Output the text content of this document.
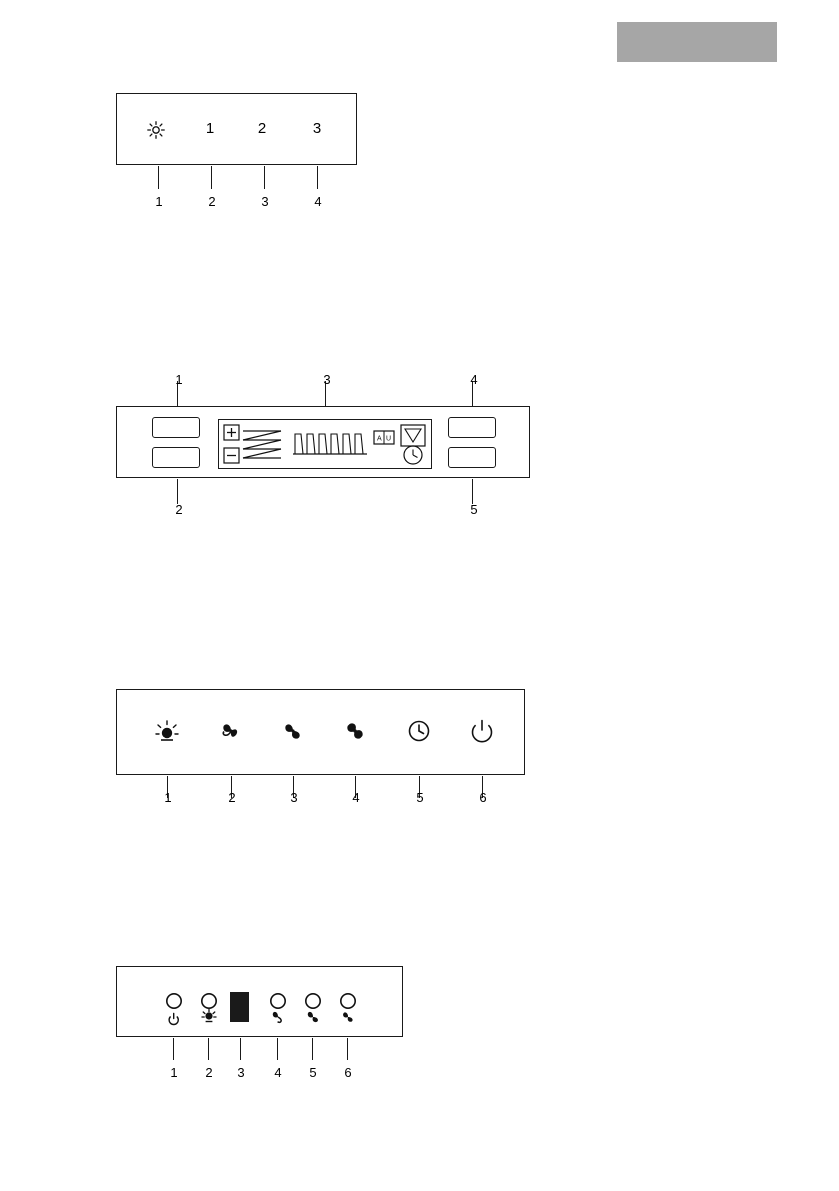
1	2	3
1	2	3	4
A U
1
2
3	4
5
1	2	3	4	5	6
1	2	3	4	5	6
